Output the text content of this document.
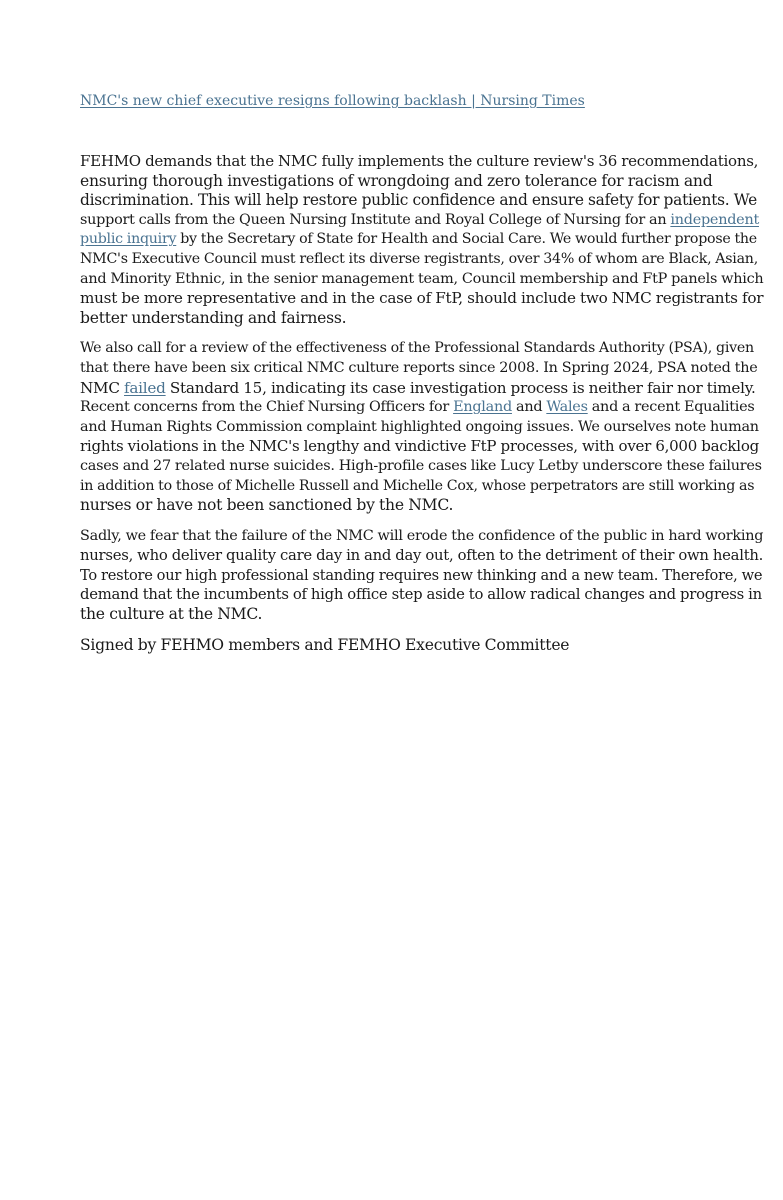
NMC's new chief executive resigns following backlash | Nursing Times

FEHMO demands that the NMC fully implements the culture review's 36 recommendations,
ensuring thorough investigations of wrongdoing and zero tolerance for racism and
discrimination. This will help restore public confidence and ensure safety for patients. We
support calls from the Queen Nursing Institute and Royal College of Nursing for an independent
public inquiry by the Secretary of State for Health and Social Care. We would further propose the
NMC's Executive Council must reflect its diverse registrants, over 34% of whom are Black, Asian,
and Minority Ethnic, in the senior management team, Council membership and FtP panels which
must be more representative and in the case of FtP, should include two NMC registrants for
better understanding and fairness.

We also call for a review of the effectiveness of the Professional Standards Authority (PSA), given
that there have been six critical NMC culture reports since 2008. In Spring 2024, PSA noted the
NMC failed Standard 15, indicating its case investigation process is neither fair nor timely.
Recent concerns from the Chief Nursing Officers for England and Wales and a recent Equalities
and Human Rights Commission complaint highlighted ongoing issues. We ourselves note human
rights violations in the NMC's lengthy and vindictive FtP processes, with over 6,000 backlog
cases and 27 related nurse suicides. High-profile cases like Lucy Letby underscore these failures
in addition to those of Michelle Russell and Michelle Cox, whose perpetrators are still working as
nurses or have not been sanctioned by the NMC.

Sadly, we fear that the failure of the NMC will erode the confidence of the public in hard working
nurses, who deliver quality care day in and day out, often to the detriment of their own health.
To restore our high professional standing requires new thinking and a new team. Therefore, we
demand that the incumbents of high office step aside to allow radical changes and progress in
the culture at the NMC.

Signed by FEHMO members and FEMHO Executive Committee
